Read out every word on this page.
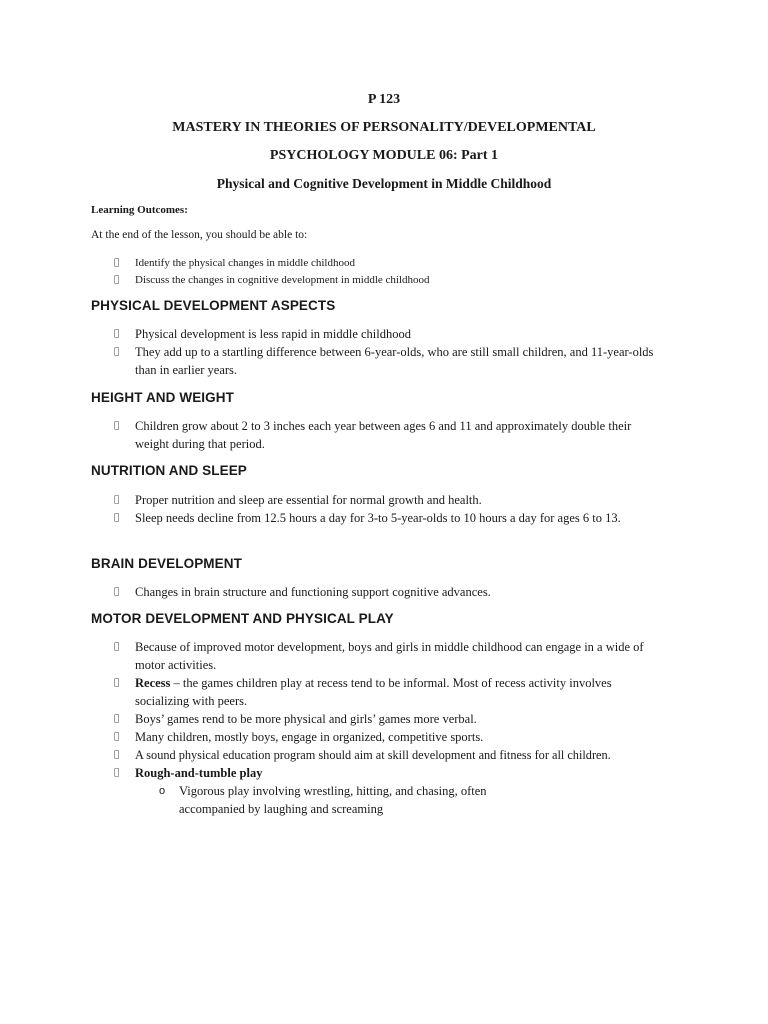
P 123
MASTERY IN THEORIES OF PERSONALITY/DEVELOPMENTAL
PSYCHOLOGY MODULE 06: Part 1
Physical and Cognitive Development in Middle Childhood
Learning Outcomes:
At the end of the lesson, you should be able to:
Identify the physical changes in middle childhood
Discuss the changes in cognitive development in middle childhood
PHYSICAL DEVELOPMENT ASPECTS
Physical development is less rapid in middle childhood
They add up to a startling difference between 6-year-olds, who are still small children, and 11-year-olds than in earlier years.
HEIGHT AND WEIGHT
Children grow about 2 to 3 inches each year between ages 6 and 11 and approximately double their weight during that period.
NUTRITION AND SLEEP
Proper nutrition and sleep are essential for normal growth and health.
Sleep needs decline from 12.5 hours a day for 3-to 5-year-olds to 10 hours a day for ages 6 to 13.
BRAIN DEVELOPMENT
Changes in brain structure and functioning support cognitive advances.
MOTOR DEVELOPMENT AND PHYSICAL PLAY
Because of improved motor development, boys and girls in middle childhood can engage in a wide of motor activities.
Recess – the games children play at recess tend to be informal. Most of recess activity involves socializing with peers.
Boys’ games rend to be more physical and girls’ games more verbal.
Many children, mostly boys, engage in organized, competitive sports.
A sound physical education program should aim at skill development and fitness for all children.
Rough-and-tumble play
o Vigorous play involving wrestling, hitting, and chasing, often accompanied by laughing and screaming
